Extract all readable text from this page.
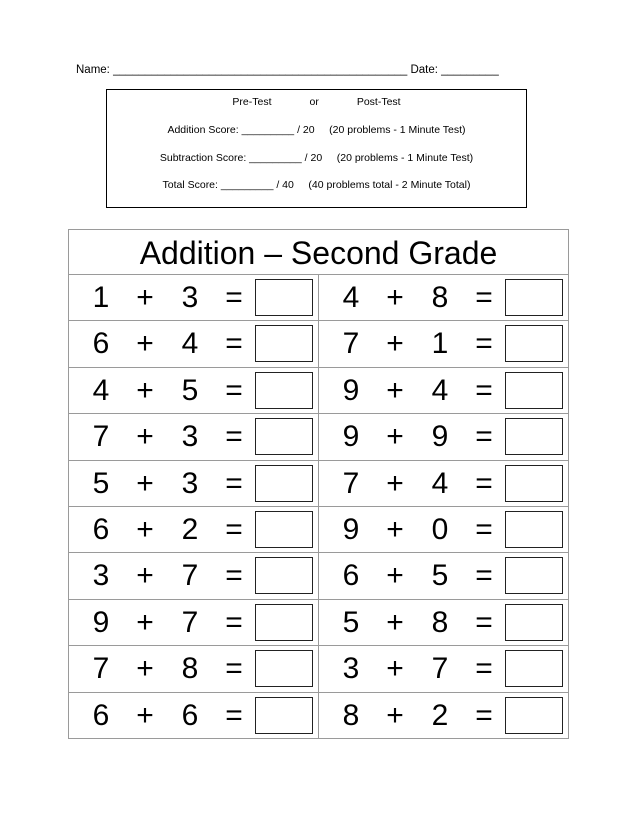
Name: ______________________________________________ Date: _________
Pre-Test	or	Post-Test
Addition Score: _________ / 20     (20 problems - 1 Minute Test)
Subtraction Score: _________ / 20     (20 problems - 1 Minute Test)
Total Score: _________ / 40     (40 problems total - 2 Minute Total)
Addition – Second Grade
1 + 3 =	4 + 8 =
6 + 4 =	7 + 1 =
4 + 5 =	9 + 4 =
7 + 3 =	9 + 9 =
5 + 3 =	7 + 4 =
6 + 2 =	9 + 0 =
3 + 7 =	6 + 5 =
9 + 7 =	5 + 8 =
7 + 8 =	3 + 7 =
6 + 6 =	8 + 2 =
